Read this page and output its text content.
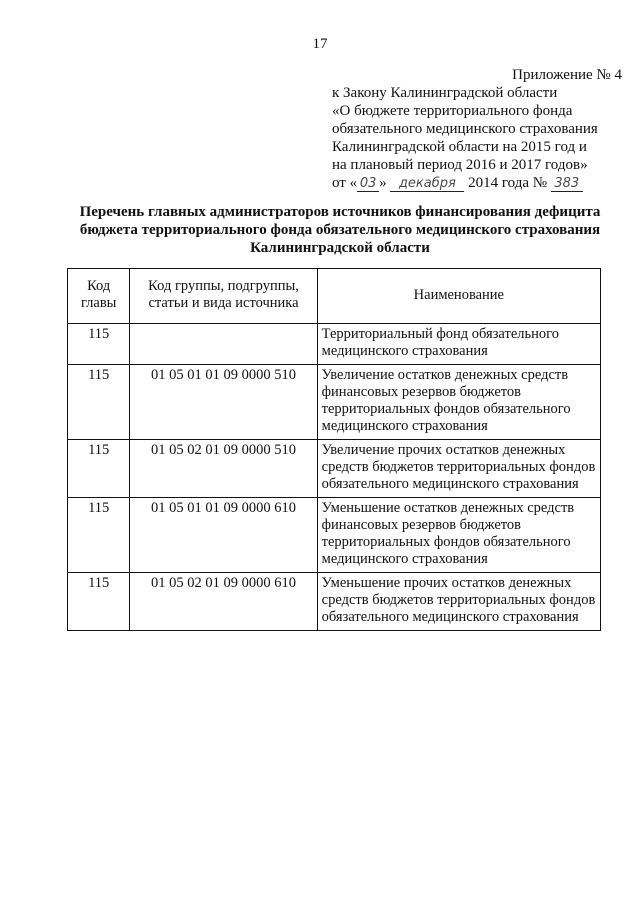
17
Приложение № 4
к Закону Калининградской области
«О бюджете территориального фонда
обязательного медицинского страхования
Калининградской области на 2015 год и
на плановый период 2016 и 2017 годов»
от « 03 » декабря 2014 года № 383
Перечень главных администраторов источников финансирования дефицита
бюджета территориального фонда обязательного медицинского страхования
Калининградской области
Код главы	Код группы, подгруппы, статьи и вида источника	Наименование
115		Территориальный фонд обязательного медицинского страхования
115	01 05 01 01 09 0000 510	Увеличение остатков денежных средств финансовых резервов бюджетов территориальных фондов обязательного медицинского страхования
115	01 05 02 01 09 0000 510	Увеличение прочих остатков денежных средств бюджетов территориальных фондов обязательного медицинского страхования
115	01 05 01 01 09 0000 610	Уменьшение остатков денежных средств финансовых резервов бюджетов территориальных фондов обязательного медицинского страхования
115	01 05 02 01 09 0000 610	Уменьшение прочих остатков денежных средств бюджетов территориальных фондов обязательного медицинского страхования
